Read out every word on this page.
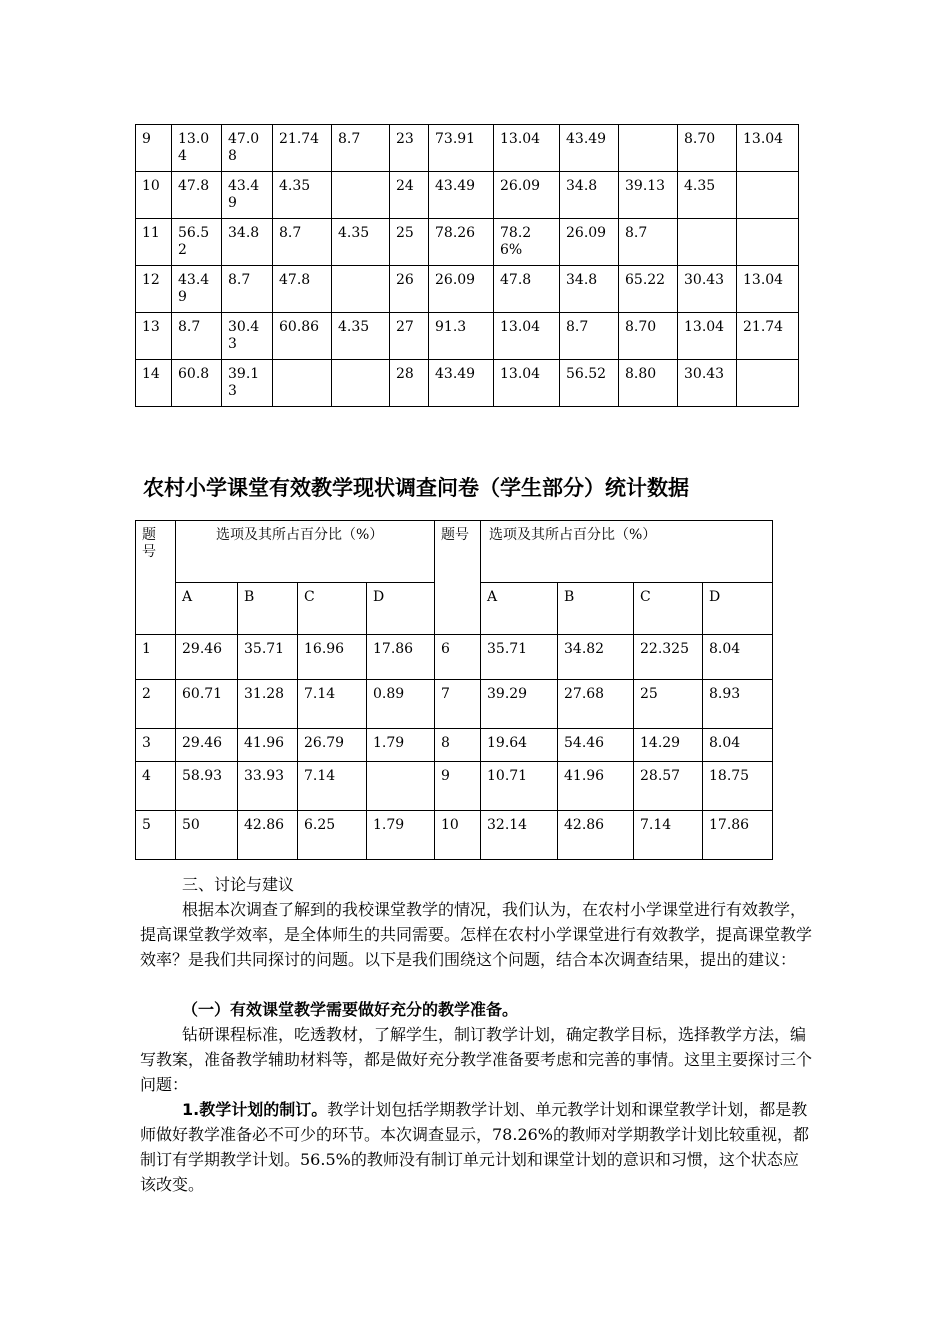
9	13.04	47.08	21.74	8.7	23	73.91	13.04	43.49		8.70	13.04
10	47.8	43.49	4.35		24	43.49	26.09	34.8	39.13	4.35	
11	56.52	34.8	8.7	4.35	25	78.26	78.26%	26.09	8.7		
12	43.49	8.7	47.8		26	26.09	47.8	34.8	65.22	30.43	13.04
13	8.7	30.43	60.86	4.35	27	91.3	13.04	8.7	8.70	13.04	21.74
14	60.8	39.13			28	43.49	13.04	56.52	8.80	30.43	
农村小学课堂有效教学现状调查问卷（学生部分）统计数据
题号	选项及其所占百分比（%）				题号	选项及其所占百分比（%）			
	A	B	C	D		A	B	C	D
1	29.46	35.71	16.96	17.86	6	35.71	34.82	22.325	8.04
2	60.71	31.28	7.14	0.89	7	39.29	27.68	25	8.93
3	29.46	41.96	26.79	1.79	8	19.64	54.46	14.29	8.04
4	58.93	33.93	7.14		9	10.71	41.96	28.57	18.75
5	50	42.86	6.25	1.79	10	32.14	42.86	7.14	17.86
三、讨论与建议
根据本次调查了解到的我校课堂教学的情况，我们认为，在农村小学课堂进行有效教学，提高课堂教学效率，是全体师生的共同需要。怎样在农村小学课堂进行有效教学，提高课堂教学效率？是我们共同探讨的问题。以下是我们围绕这个问题，结合本次调查结果，提出的建议：
（一）有效课堂教学需要做好充分的教学准备。
钻研课程标准，吃透教材，了解学生，制订教学计划，确定教学目标，选择教学方法，编写教案，准备教学辅助材料等，都是做好充分教学准备要考虑和完善的事情。这里主要探讨三个问题：
1.教学计划的制订。教学计划包括学期教学计划、单元教学计划和课堂教学计划，都是教师做好教学准备必不可少的环节。本次调查显示，78.26%的教师对学期教学计划比较重视，都制订有学期教学计划。56.5%的教师没有制订单元计划和课堂计划的意识和习惯，这个状态应该改变。
